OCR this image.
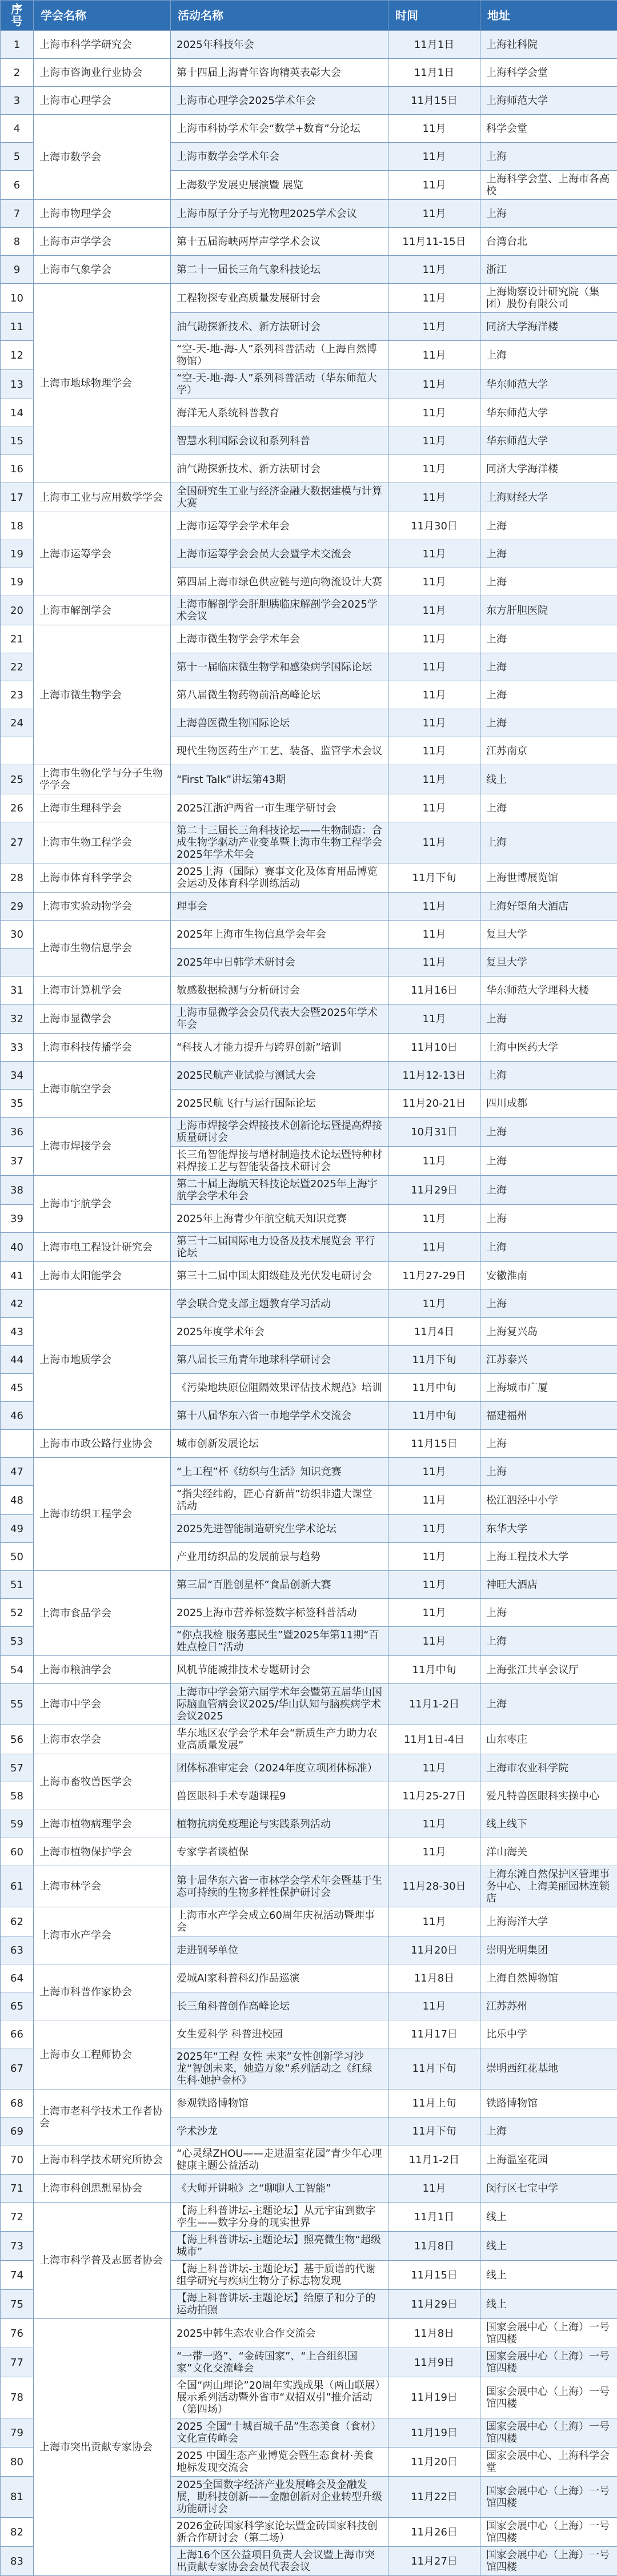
序号	学会名称	活动名称	时间	地址
1	上海市科学学研究会	2025年科技年会	11月1日	上海社科院
2	上海市咨询业行业协会	第十四届上海青年咨询精英表彰大会	11月1日	上海科学会堂
3	上海市心理学会	上海市心理学会2025学术年会	11月15日	上海师范大学
4	上海市数学会	上海市科协学术年会“数学+数育”分论坛	11月	科学会堂
5		上海市数学会学术年会	11月	上海
6		上海数学发展史展演暨 展览	11月	上海科学会堂、上海市各高校
7	上海市物理学会	上海市原子分子与光物理2025学术会议	11月	上海
8	上海市声学学会	第十五届海峡两岸声学学术会议	11月11-15日	台湾台北
9	上海市气象学会	第二十一届长三角气象科技论坛	11月	浙江
10	上海市地球物理学会	工程物探专业高质量发展研讨会	11月	上海勘察设计研究院（集团）股份有限公司
11		油气勘探新技术、新方法研讨会	11月	同济大学海洋楼
12		“空-天-地-海-人”系列科普活动（上海自然博物馆）	11月	上海
13		“空-天-地-海-人”系列科普活动（华东师范大学）	11月	华东师范大学
14		海洋无人系统科普教育	11月	华东师范大学
15		智慧水利国际会议和系列科普	11月	华东师范大学
16		油气勘探新技术、新方法研讨会	11月	同济大学海洋楼
17	上海市工业与应用数学学会	全国研究生工业与经济金融大数据建模与计算大赛	11月	上海财经大学
18	上海市运筹学会	上海市运筹学会学术年会	11月30日	上海
19		上海市运筹学会会员大会暨学术交流会	11月	上海
19		第四届上海市绿色供应链与逆向物流设计大赛	11月	上海
20	上海市解剖学会	上海市解剖学会肝胆胰临床解剖学会2025学术会议	11月	东方肝胆医院
21	上海市微生物学会	上海市微生物学会学术年会	11月	上海
22		第十一届临床微生物学和感染病学国际论坛	11月	上海
23		第八届微生物药物前沿高峰论坛	11月	上海
24		上海兽医微生物国际论坛	11月	上海
		现代生物医药生产工艺、装备、监管学术会议	11月	江苏南京
25	上海市生物化学与分子生物学学会	“First Talk”讲坛第43期	11月	线上
26	上海市生理科学会	2025江浙沪两省一市生理学研讨会	11月	上海
27	上海市生物工程学会	第二十三届长三角科技论坛——生物制造：合成生物学驱动产业变革暨上海市生物工程学会2025年学术年会	11月	上海
28	上海市体育科学学会	2025上海（国际）赛事文化及体育用品博览会运动及体育科学训练活动	11月下旬	上海世博展览馆
29	上海市实验动物学会	理事会	11月	上海好望角大酒店
30	上海市生物信息学会	2025年上海市生物信息学会年会	11月	复旦大学
		2025年中日韩学术研讨会	11月	复旦大学
31	上海市计算机学会	敏感数据检测与分析研讨会	11月16日	华东师范大学理科大楼
32	上海市显微学会	上海市显微学会会员代表大会暨2025年学术年会	11月	上海
33	上海市科技传播学会	“科技人才能力提升与跨界创新”培训	11月10日	上海中医药大学
34	上海市航空学会	2025民航产业试验与测试大会	11月12-13日	上海
35		2025民航飞行与运行国际论坛	11月20-21日	四川成都
36	上海市焊接学会	上海市焊接学会焊接技术创新论坛暨提高焊接质量研讨会	10月31日	上海
37		长三角智能焊接与增材制造技术论坛暨特种材料焊接工艺与智能装备技术研讨会	11月	上海
38	上海市宇航学会	第二十届上海航天科技论坛暨2025年上海宇航学会学术年会	11月29日	上海
39		2025年上海青少年航空航天知识竞赛	11月	上海
40	上海市电工程设计研究会	第三十二届国际电力设备及技术展览会 平行论坛	11月	上海
41	上海市太阳能学会	第三十二届中国太阳级硅及光伏发电研讨会	11月27-29日	安徽淮南
42	上海市地质学会	学会联合党支部主题教育学习活动	11月	上海
43		2025年度学术年会	11月4日	上海复兴岛
44		第八届长三角青年地球科学研讨会	11月下旬	江苏泰兴
45		《污染地块原位阻隔效果评估技术规范》培训	11月中旬	上海城市广厦
46		第十八届华东六省一市地学学术交流会	11月中旬	福建福州
	上海市市政公路行业协会	城市创新发展论坛	11月15日	上海
47	上海市纺织工程学会	“上工程”杯《纺织与生活》知识竞赛	11月	上海
48		“指尖经纬韵，匠心育新苗”纺织非遗大课堂活动	11月	松江泗泾中小学
49		2025先进智能制造研究生学术论坛	11月	东华大学
50		产业用纺织品的发展前景与趋势	11月	上海工程技术大学
51	上海市食品学会	第三届“百胜创星杯”食品创新大赛	11月	神旺大酒店
52		2025上海市营养标签数字标签科普活动	11月	上海
53		“你点我检 服务惠民生”暨2025年第11期“百姓点检日”活动	11月	上海
54	上海市粮油学会	风机节能减排技术专题研讨会	11月中旬	上海张江共享会议厅
55	上海市中学会	上海市中学会第六届学术年会暨第五届华山国际脑血管病会议2025/华山认知与脑疾病学术会议2025	11月1-2日	上海
56	上海市农学会	华东地区农学会学术年会“新质生产力助力农业高质量发展”	11月1日-4日	山东枣庄
57	上海市畜牧兽医学会	团体标准审定会（2024年度立项团体标准）	11月	上海市农业科学院
58		兽医眼科手术专题课程9	11月25-27日	爱凡特兽医眼科实操中心
59	上海市植物病理学会	植物抗病免疫理论与实践系列活动	11月	线上线下
60	上海市植物保护学会	专家学者谈植保	11月	洋山海关
61	上海市林学会	第十届华东六省一市林学会学术年会暨基于生态可持续的生物多样性保护研讨会	11月28-30日	上海东滩自然保护区管理事务中心、上海美丽园林连锁店
62	上海市水产学会	上海市水产学会成立60周年庆祝活动暨理事会	11月	上海海洋大学
63		走进钢琴单位	11月20日	崇明光明集团
64	上海市科普作家协会	爱城AI家科普科幻作品巡演	11月8日	上海自然博物馆
65		长三角科普创作高峰论坛	11月	江苏苏州
66	上海市女工程师协会	女生爱科学 科普进校园	11月17日	比乐中学
67		2025年“工程 女性 未来”女性创新学习沙龙“智创未来，她造万象”系列活动之《红绿生科·她护金杯》	11月下旬	崇明西红花基地
68	上海市老科学技术工作者协会	参观铁路博物馆	11月上旬	铁路博物馆
69		学术沙龙	11月下旬	上海
70	上海市科学技术研究所协会	“心灵绿ZHOU——走进温室花园”青少年心理健康主题公益活动	11月1-2日	上海温室花园
71	上海市科创思想星协会	《大师开讲啦》之“聊聊人工智能”	11月	闵行区七宝中学
72	上海市科学普及志愿者协会	【海上科普讲坛-主题论坛】从元宇宙到数字孪生——数字分身的现实世界	11月1日	线上
73		【海上科普讲坛-主题论坛】照亮微生物“超级城市”	11月8日	线上
74		【海上科普讲坛-主题论坛】基于质谱的代谢组学研究与疾病生物分子标志物发现	11月15日	线上
75		【海上科普讲坛-主题论坛】给原子和分子的运动拍照	11月29日	线上
76	上海市突出贡献专家协会	2025中韩生态农业合作交流会	11月8日	国家会展中心（上海）一号馆四楼
77		“一带一路”、“金砖国家”、“上合组织国家”文化交流峰会	11月9日	国家会展中心（上海）一号馆四楼
78		全国“两山理论”20周年实践成果（两山联展）展示系列活动暨外省市“双招双引”推介活动（第四场）	11月19日	国家会展中心（上海）一号馆四楼
79		2025 全国“十城百城千品”生态美食（食材）文化宣传峰会	11月19日	国家会展中心（上海）一号馆四楼
80		2025 中国生态产业博览会暨生态食材·美食地标发现交流会	11月20日	国家会展中心、上海科学会堂
81		2025全国数字经济产业发展峰会及金融发展，助科技创新——金融创新对企业转型升级功能研讨会	11月22日	国家会展中心（上海）一号馆四楼
82		2026金砖国家科学家论坛暨金砖国家科技创新合作研讨会（第二场）	11月26日	国家会展中心（上海）一号馆四楼
83		上海16个区公益项目负责人会议暨上海市突出贡献专家协会会员代表会议	11月27日	国家会展中心（上海）一号馆四楼
